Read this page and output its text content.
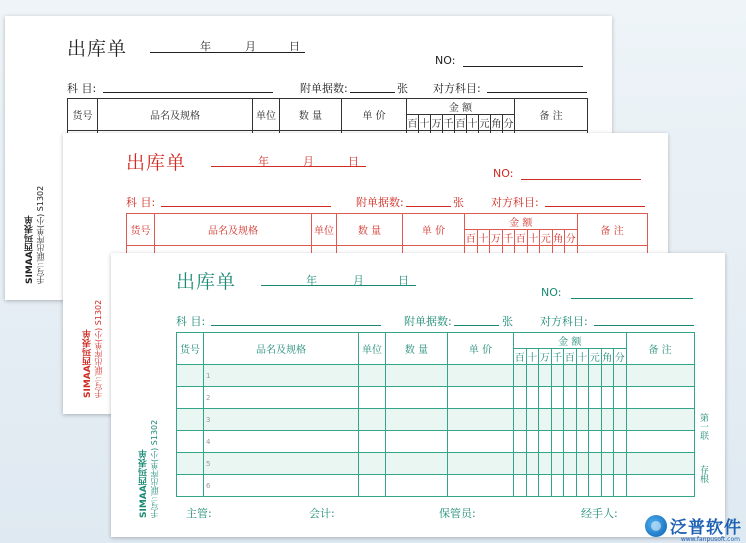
出库单	年	月	日
NO:
科 目:	附单据数:	张 对方科目:
SIMAA西玛表单 手写三联出库单(小) S1302
货号	品名及规格	单位	数 量	单 价	金 额									备 注
					百	十	万	千	百	十	元	角	分	

出库单	年	月	日
NO:
科 目:	附单据数:	张 对方科目:
SIMAA西玛表单 手写三联出库单(小) S1302
货号	品名及规格	单位	数 量	单 价	金 额									备 注
					百	十	万	千	百	十	元	角	分	

出库单	年	月	日
NO:
科 目:	附单据数:	张 对方科目:
SIMAA西玛表单 手写三联出库单(小) S1302
货号	品名及规格	单位	数 量	单 价	金 额									备 注
					百	十	万	千	百	十	元	角	分	
	1													
	2													
	3													
	4													
	5													
	6													
第一联
存根
主管:	会计:	保管员:	经手人:
泛普软件
www.fanpusoft.com
